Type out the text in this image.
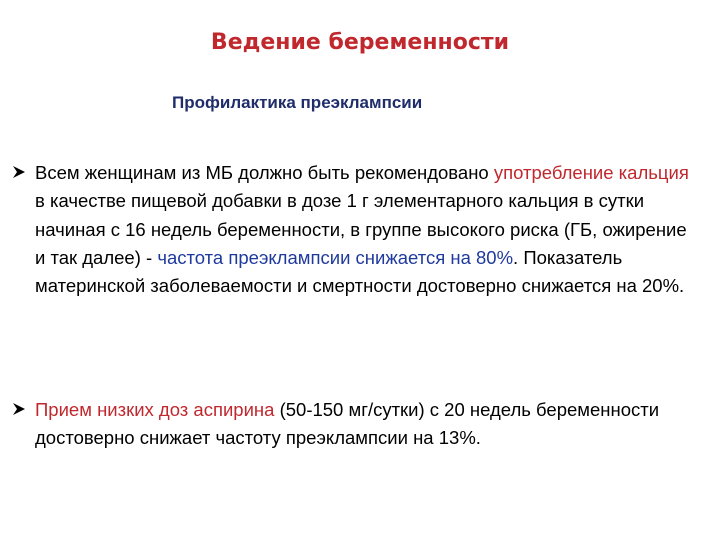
Ведение беременности
Профилактика преэклампсии
Всем женщинам из МБ должно быть рекомендовано употребление кальция в качестве пищевой добавки в дозе 1 г элементарного кальция в сутки начиная с 16 недель беременности, в группе высокого риска (ГБ, ожирение и так далее) - частота преэклампсии снижается на 80%. Показатель материнской заболеваемости и смертности достоверно снижается на 20%.
Прием низких доз аспирина (50-150 мг/сутки) с 20 недель беременности достоверно снижает частоту преэклампсии на 13%.
